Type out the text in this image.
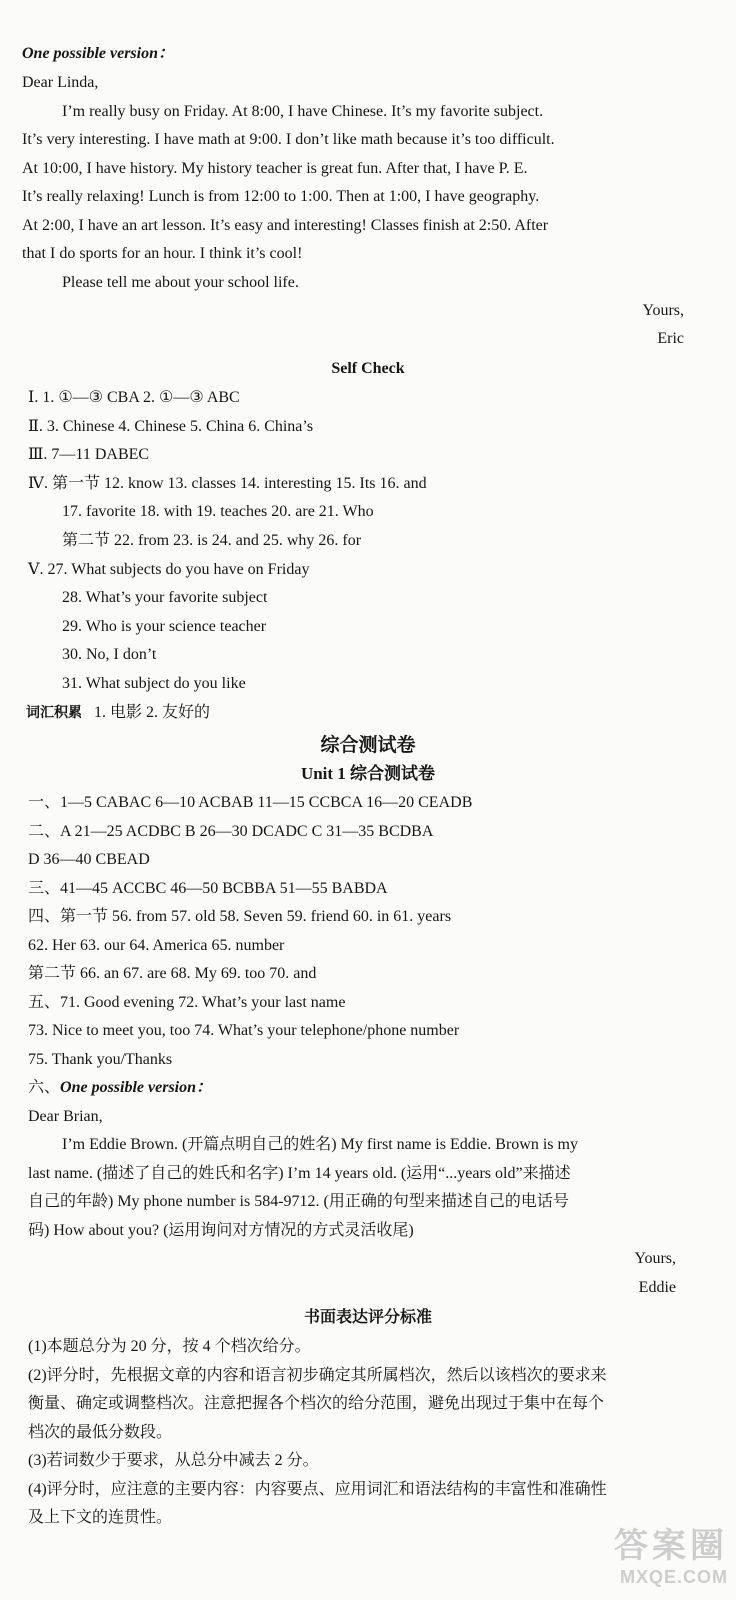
One possible version：
Dear Linda,
I’m really busy on Friday. At 8:00, I have Chinese. It’s my favorite subject.
It’s very interesting. I have math at 9:00. I don’t like math because it’s too difficult.
At 10:00, I have history. My history teacher is great fun. After that, I have P. E.
It’s really relaxing! Lunch is from 12:00 to 1:00. Then at 1:00, I have geography.
At 2:00, I have an art lesson. It’s easy and interesting! Classes finish at 2:50. After
that I do sports for an hour. I think it’s cool!
Please tell me about your school life.
Yours,
Eric
Self Check
Ⅰ. 1. ①—③ CBA 2. ①—③ ABC
Ⅱ. 3. Chinese 4. Chinese 5. China 6. China’s
Ⅲ. 7—11 DABEC
Ⅳ. 第一节 12. know 13. classes 14. interesting 15. Its 16. and
17. favorite 18. with 19. teaches 20. are 21. Who
第二节 22. from 23. is 24. and 25. why 26. for
Ⅴ. 27. What subjects do you have on Friday
28. What’s your favorite subject
29. Who is your science teacher
30. No, I don’t
31. What subject do you like
词汇积累 1. 电影 2. 友好的
综合测试卷
Unit 1 综合测试卷
一、1—5 CABAC 6—10 ACBAB 11—15 CCBCA 16—20 CEADB
二、A 21—25 ACDBC B 26—30 DCADC C 31—35 BCDBA
D 36—40 CBEAD
三、41—45 ACCBC 46—50 BCBBA 51—55 BABDA
四、第一节 56. from 57. old 58. Seven 59. friend 60. in 61. years
62. Her 63. our 64. America 65. number
第二节 66. an 67. are 68. My 69. too 70. and
五、71. Good evening 72. What’s your last name
73. Nice to meet you, too 74. What’s your telephone/phone number
75. Thank you/Thanks
六、One possible version：
Dear Brian,
I’m Eddie Brown. (开篇点明自己的姓名) My first name is Eddie. Brown is my
last name. (描述了自己的姓氏和名字) I’m 14 years old. (运用“...years old”来描述
自己的年龄) My phone number is 584-9712. (用正确的句型来描述自己的电话号
码) How about you? (运用询问对方情况的方式灵活收尾)
Yours,
Eddie
书面表达评分标准
(1)本题总分为 20 分，按 4 个档次给分。
(2)评分时，先根据文章的内容和语言初步确定其所属档次，然后以该档次的要求来
衡量、确定或调整档次。注意把握各个档次的给分范围，避免出现过于集中在每个
档次的最低分数段。
(3)若词数少于要求，从总分中减去 2 分。
(4)评分时，应注意的主要内容：内容要点、应用词汇和语法结构的丰富性和准确性
及上下文的连贯性。
答案圈
MXQE.COM
